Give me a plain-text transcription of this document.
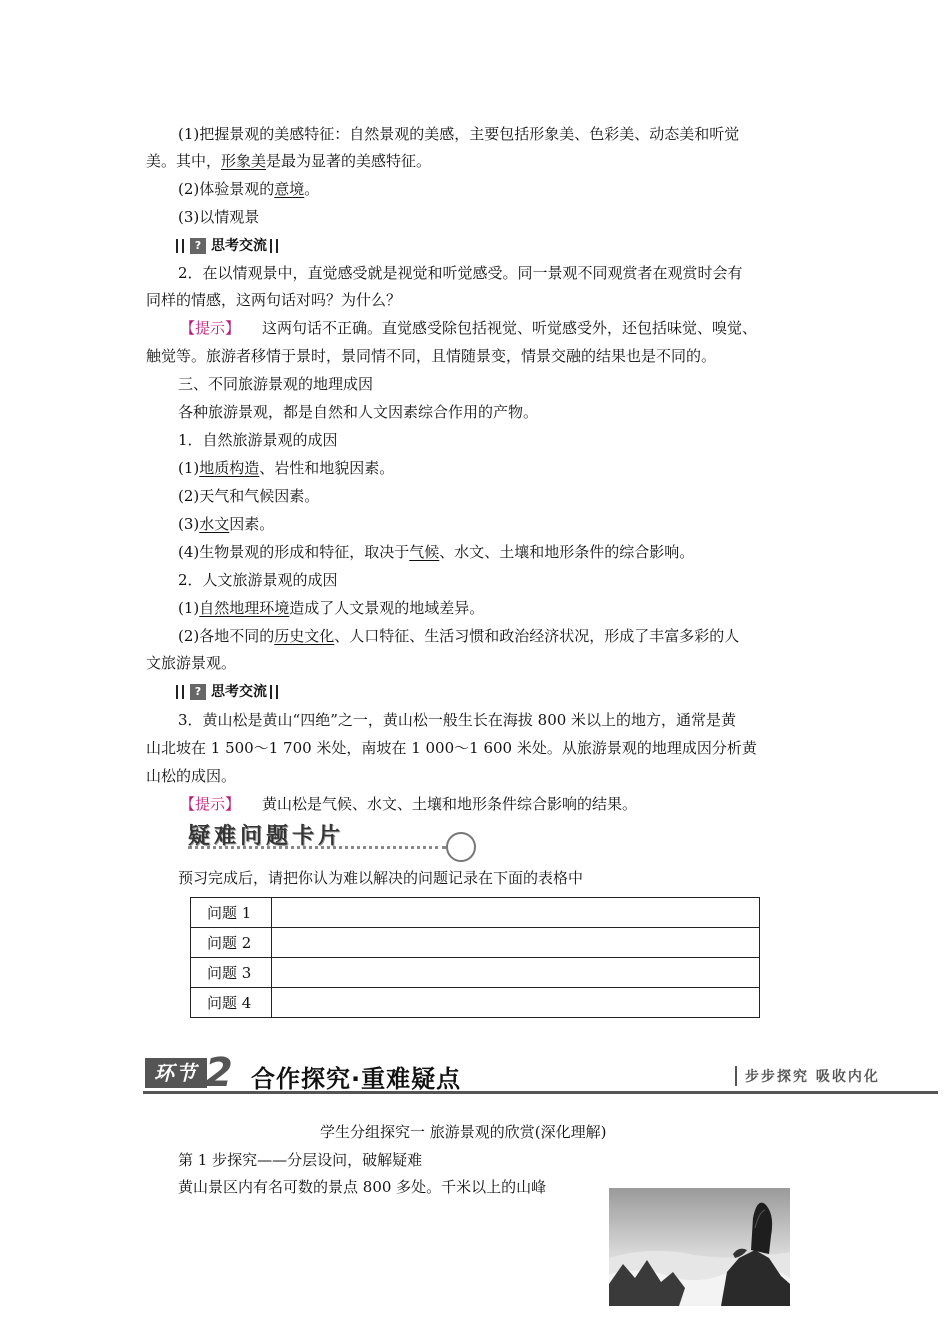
(1)把握景观的美感特征：自然景观的美感，主要包括形象美、色彩美、动态美和听觉
美。其中，形象美是最为显著的美感特征。
(2)体验景观的意境。
(3)以情观景
? 思考交流
2．在以情观景中，直觉感受就是视觉和听觉感受。同一景观不同观赏者在观赏时会有
同样的情感，这两句话对吗？为什么？
【提示】 这两句话不正确。直觉感受除包括视觉、听觉感受外，还包括味觉、嗅觉、
触觉等。旅游者移情于景时，景同情不同，且情随景变，情景交融的结果也是不同的。
三、不同旅游景观的地理成因
各种旅游景观，都是自然和人文因素综合作用的产物。
1．自然旅游景观的成因
(1)地质构造、岩性和地貌因素。
(2)天气和气候因素。
(3)水文因素。
(4)生物景观的形成和特征，取决于气候、水文、土壤和地形条件的综合影响。
2．人文旅游景观的成因
(1)自然地理环境造成了人文景观的地域差异。
(2)各地不同的历史文化、人口特征、生活习惯和政治经济状况，形成了丰富多彩的人
文旅游景观。
? 思考交流
3．黄山松是黄山“四绝”之一，黄山松一般生长在海拔 800 米以上的地方，通常是黄
山北坡在 1 500～1 700 米处，南坡在 1 000～1 600 米处。从旅游景观的地理成因分析黄
山松的成因。
【提示】 黄山松是气候、水文、土壤和地形条件综合影响的结果。
疑难问题卡片
预习完成后，请把你认为难以解决的问题记录在下面的表格中
问题 1	
问题 2	
问题 3	
问题 4	
环节 2 合作探究·重难疑点	步步探究 吸收内化
学生分组探究一 旅游景观的欣赏(深化理解)
第 1 步探究——分层设问，破解疑难
黄山景区内有名可数的景点 800 多处。千米以上的山峰
